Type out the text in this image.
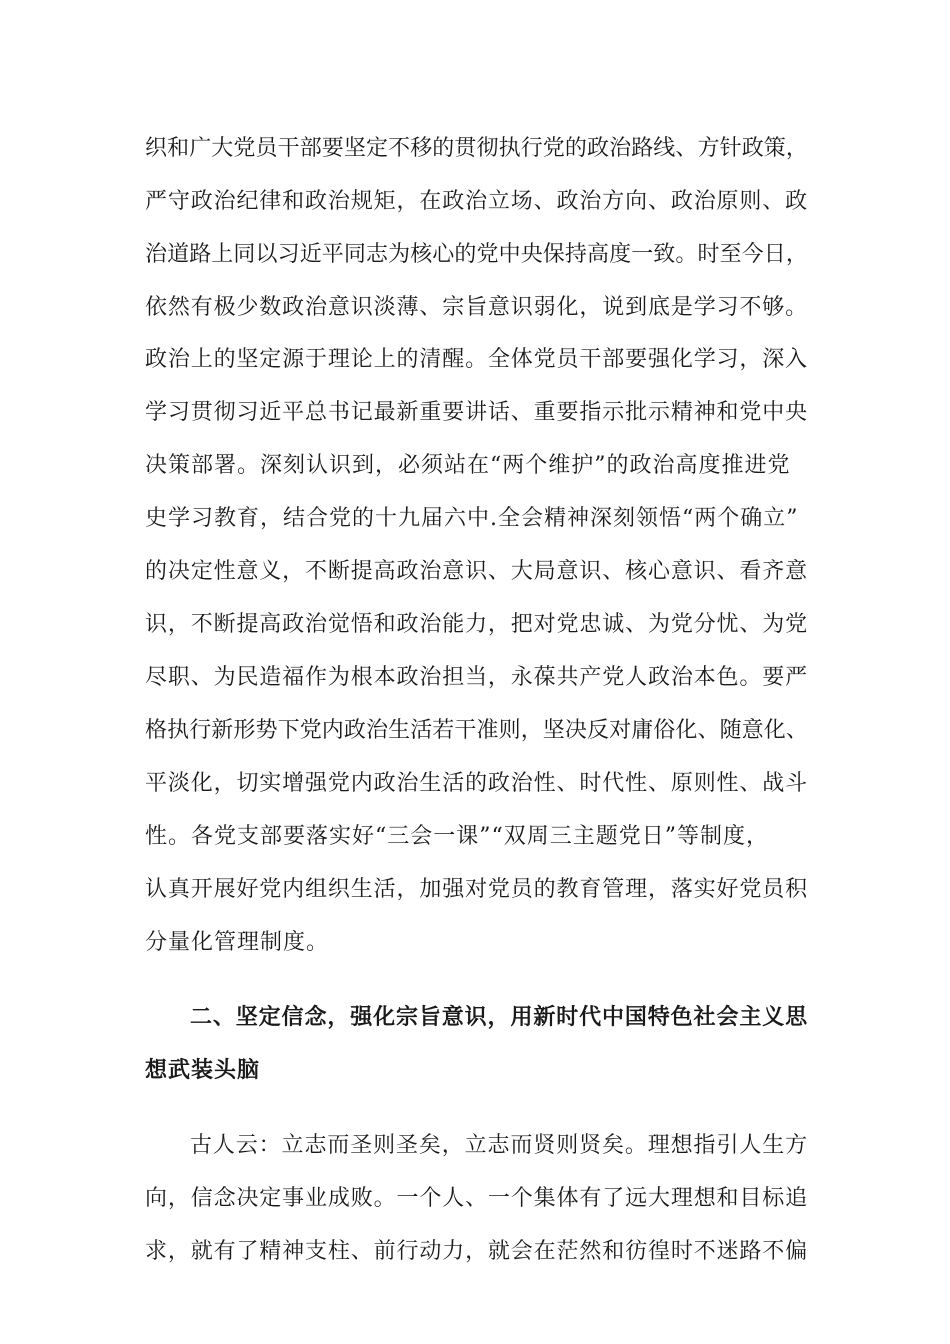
织和广大党员干部要坚定不移的贯彻执行党的政治路线、方针政策，
严守政治纪律和政治规矩，在政治立场、政治方向、政治原则、政
治道路上同以习近平同志为核心的党中央保持高度一致。时至今日，
依然有极少数政治意识淡薄、宗旨意识弱化，说到底是学习不够。
政治上的坚定源于理论上的清醒。全体党员干部要强化学习，深入
学习贯彻习近平总书记最新重要讲话、重要指示批示精神和党中央
决策部署。深刻认识到，必须站在“两个维护”的政治高度推进党
史学习教育，结合党的十九届六中.全会精神深刻领悟“两个确立”
的决定性意义，不断提高政治意识、大局意识、核心意识、看齐意
识，不断提高政治觉悟和政治能力，把对党忠诚、为党分忧、为党
尽职、为民造福作为根本政治担当，永葆共产党人政治本色。要严
格执行新形势下党内政治生活若干准则，坚决反对庸俗化、随意化、
平淡化，切实增强党内政治生活的政治性、时代性、原则性、战斗
性。各党支部要落实好“三会一课”“双周三主题党日”等制度，
认真开展好党内组织生活，加强对党员的教育管理，落实好党员积
分量化管理制度。
二、坚定信念，强化宗旨意识，用新时代中国特色社会主义思
想武装头脑
古人云：立志而圣则圣矣，立志而贤则贤矣。理想指引人生方
向，信念决定事业成败。一个人、一个集体有了远大理想和目标追
求，就有了精神支柱、前行动力，就会在茫然和彷徨时不迷路不偏
